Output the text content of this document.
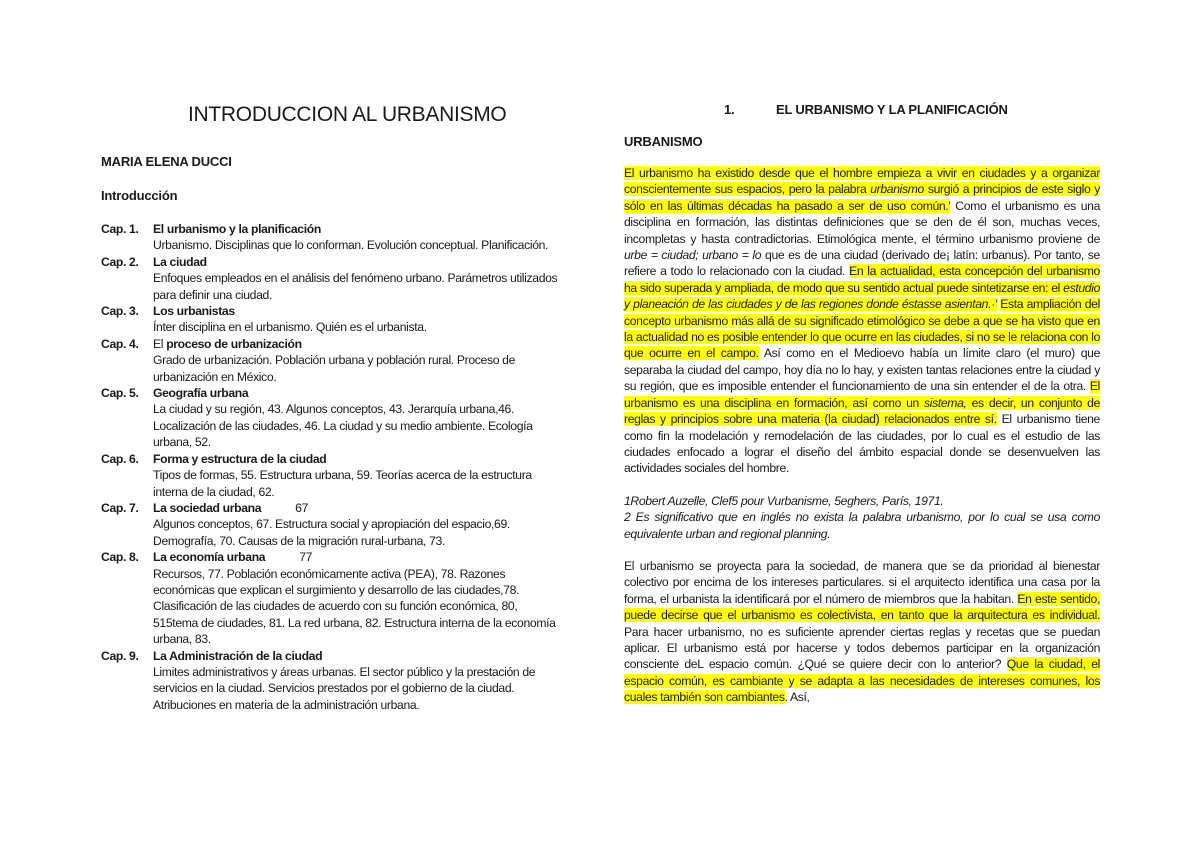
INTRODUCCION AL URBANISMO
MARIA ELENA DUCCI
Introducción
Cap. 1. El urbanismo y la planificación
Urbanismo. Disciplinas que lo conforman. Evolución conceptual. Planificación.
Cap. 2. La ciudad
Enfoques empleados en el análisis del fenómeno urbano. Parámetros utilizados
para definir una ciudad.
Cap. 3. Los urbanistas
Ínter disciplina en el urbanismo. Quién es el urbanista.
Cap. 4. El proceso de urbanización
Grado de urbanización. Población urbana y población rural. Proceso de
urbanización en México.
Cap. 5. Geografía urbana
La ciudad y su región, 43. Algunos conceptos, 43. Jerarquía urbana,46.
Localización de las ciudades, 46. La ciudad y su medio ambiente. Ecología
urbana, 52.
Cap. 6. Forma y estructura de la ciudad
Tipos de formas, 55. Estructura urbana, 59. Teorías acerca de la estructura
interna de la ciudad, 62.
Cap. 7. La sociedad urbana	67
Algunos conceptos, 67. Estructura social y apropiación del espacio,69.
Demografía, 70. Causas de la migración rural-urbana, 73.
Cap. 8. La economía urbana	77
Recursos, 77. Población económicamente activa (PEA), 78. Razones
económicas que explican el surgimiento y desarrollo de las ciudades,78.
Clasificación de las ciudades de acuerdo con su función económica, 80,
515tema de ciudades, 81. La red urbana, 82. Estructura interna de la economía
urbana, 83.
Cap. 9. La Administración de la ciudad
Limites administrativos y áreas urbanas. El sector público y la prestación de
servicios en la ciudad. Servicios prestados por el gobierno de la ciudad.
Atribuciones en materia de la administración urbana.
1.	EL URBANISMO Y LA PLANIFICACIÓN
URBANISMO

El urbanismo ha existido desde que el hombre empieza a vivir en ciudades y a organizar conscientemente sus espacios, pero la palabra urbanismo surgió a principios de este siglo y sólo en las últimas décadas ha pasado a ser de uso común.' Como el urbanismo es una disciplina en formación, las distintas definiciones que se den de él son, muchas veces, incompletas y hasta contradictorias. Etimológica mente, el término urbanismo proviene de urbe = ciudad; urbano = lo que es de una ciudad (derivado de¡ latín: urbanus). Por tanto, se refiere a todo lo relacionado con la ciudad. En la actualidad, esta concepción del urbanismo ha sido superada y ampliada, de modo que su sentido actual puede sintetizarse en: el estudio y planeación de las ciudades y de las regiones donde éstasse asientan.·' Esta ampliación del concepto urbanismo más allá de su significado etimológico se debe a que se ha visto que en la actualidad no es posible entender lo que ocurre en las ciudades, si no se le relaciona con lo que ocurre en el campo. Así como en el Medioevo había un límite claro (el muro) que separaba la ciudad del campo, hoy día no lo hay, y existen tantas relaciones entre la ciudad y su región, que es imposible entender el funcionamiento de una sin entender el de la otra. El urbanismo es una disciplina en formación, así como un sistema, es decir, un conjunto de reglas y principios sobre una materia (la ciudad) relacionados entre sí. El urbanismo tiene como fin la modelación y remodelación de las ciudades, por lo cual es el estudio de las ciudades enfocado a lograr el diseño del ámbito espacial donde se desenvuelven las actividades sociales del hombre.

1Robert Auzelle, Clef5 pour Vurbanisme, 5eghers, París, 1971.

2 Es significativo que en inglés no exista la palabra urbanismo, por lo cual se usa como equivalente urban and regional planning.

El urbanismo se proyecta para la sociedad, de manera que se da prioridad al bienestar colectivo por encima de los intereses particulares. si el arquitecto identifica una casa por la forma, el urbanista la identificará por el número de miembros que la habitan. En este sentido, puede decirse que el urbanismo es colectivista, en tanto que la arquitectura es individual. Para hacer urbanismo, no es suficiente aprender ciertas reglas y recetas que se puedan aplicar. El urbanismo está por hacerse y todos debemos participar en la organización consciente deL espacio común. ¿Qué se quiere decir con lo anterior? Que la ciudad, el espacio común, es cambiante y se adapta a las necesidades de intereses comunes, los cuales también son cambiantes. Así,
